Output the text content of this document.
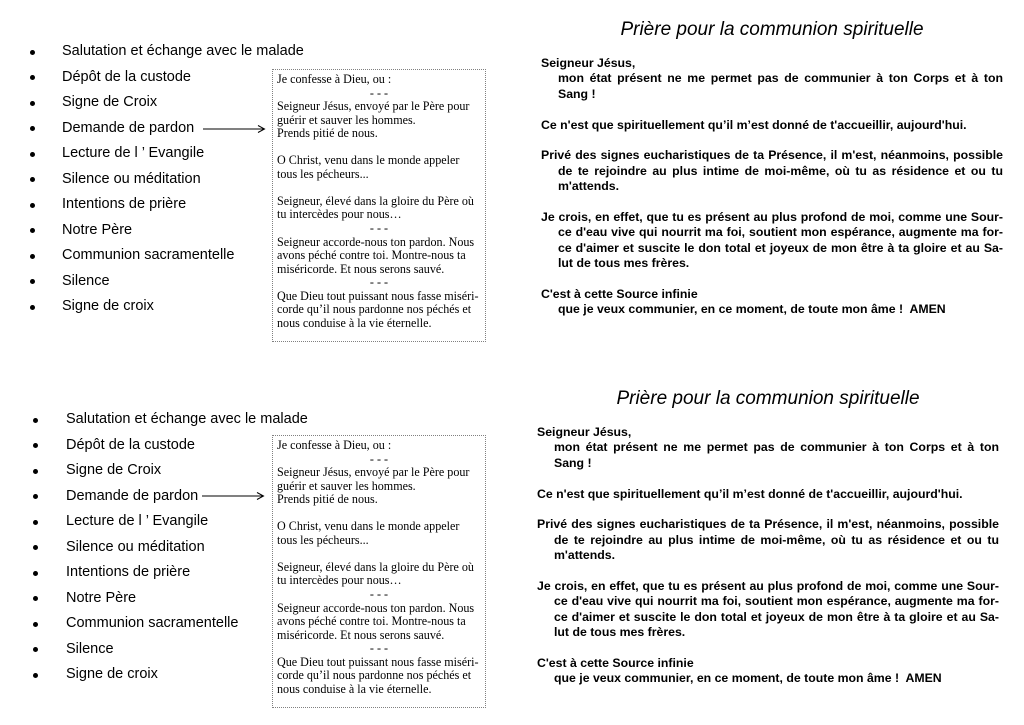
Salutation et échange avec le malade
Dépôt de la custode
Signe de Croix
Demande de pardon
Lecture de l ’ Evangile
Silence ou méditation
Intentions de prière
Notre Père
Communion sacramentelle
Silence
Signe de croix
Je confesse à Dieu, ou :
- - -
Seigneur Jésus, envoyé par le Père pour
guérir et sauver les hommes.
Prends pitié de nous.
O Christ, venu dans le monde appeler
tous les pécheurs...
Seigneur, élevé dans la gloire du Père où
tu intercèdes pour nous…
- - -
Seigneur accorde-nous ton pardon. Nous
avons péché contre toi. Montre-nous ta
miséricorde. Et nous serons sauvé.
- - -
Que Dieu tout puissant nous fasse miséri-
corde qu’il nous pardonne nos péchés et
nous conduise à la vie éternelle.
Prière pour la communion spirituelle
Seigneur Jésus,
mon état présent ne me permet pas de communier à ton Corps et à ton
Sang !
Ce n'est que spirituellement qu’il m’est donné de t'accueillir, aujourd'hui.
Privé des signes eucharistiques de ta Présence, il m'est, néanmoins, possible
de te rejoindre au plus intime de moi-même, où tu as résidence et ou tu
m'attends.
Je crois, en effet, que tu es présent au plus profond de moi, comme une Sour-
ce d'eau vive qui nourrit ma foi, soutient mon espérance, augmente ma for-
ce d'aimer et suscite le don total et joyeux de mon être à ta gloire et au Sa-
lut de tous mes frères.
C'est à cette Source infinie
que je veux communier, en ce moment, de toute mon âme !  AMEN
Salutation et échange avec le malade
Dépôt de la custode
Signe de Croix
Demande de pardon
Lecture de l ’ Evangile
Silence ou méditation
Intentions de prière
Notre Père
Communion sacramentelle
Silence
Signe de croix
Je confesse à Dieu, ou :
- - -
Seigneur Jésus, envoyé par le Père pour
guérir et sauver les hommes.
Prends pitié de nous.
O Christ, venu dans le monde appeler
tous les pécheurs...
Seigneur, élevé dans la gloire du Père où
tu intercèdes pour nous…
- - -
Seigneur accorde-nous ton pardon. Nous
avons péché contre toi. Montre-nous ta
miséricorde. Et nous serons sauvé.
- - -
Que Dieu tout puissant nous fasse miséri-
corde qu’il nous pardonne nos péchés et
nous conduise à la vie éternelle.
Prière pour la communion spirituelle
Seigneur Jésus,
mon état présent ne me permet pas de communier à ton Corps et à ton
Sang !
Ce n'est que spirituellement qu’il m’est donné de t'accueillir, aujourd'hui.
Privé des signes eucharistiques de ta Présence, il m'est, néanmoins, possible
de te rejoindre au plus intime de moi-même, où tu as résidence et ou tu
m'attends.
Je crois, en effet, que tu es présent au plus profond de moi, comme une Sour-
ce d'eau vive qui nourrit ma foi, soutient mon espérance, augmente ma for-
ce d'aimer et suscite le don total et joyeux de mon être à ta gloire et au Sa-
lut de tous mes frères.
C'est à cette Source infinie
que je veux communier, en ce moment, de toute mon âme !  AMEN
